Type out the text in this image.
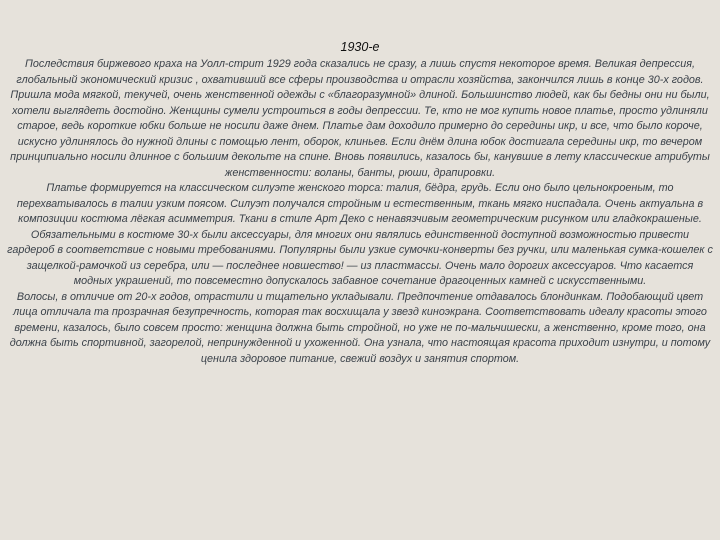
1930-е

Последствия биржевого краха на Уолл-стрит 1929 года сказались не сразу, а лишь спустя некоторое время. Великая депрессия, глобальный экономический кризис , охвативший все сферы производства и отрасли хозяйства, закончился лишь в конце 30-х годов.

Пришла мода мягкой, текучей, очень женственной одежды с «благоразумной» длиной. Большинство людей, как бы бедны они ни были, хотели выглядеть достойно. Женщины сумели устроиться в годы депрессии. Те, кто не мог купить новое платье, просто удлиняли старое, ведь короткие юбки больше не носили даже днем. Платье дам доходило примерно до середины икр, и все, что было короче, искусно удлинялось до нужной длины с помощью лент, оборок, клиньев. Если днём длина юбок достигала середины икр, то вечером принципиально носили длинное с большим декольте на спине. Вновь появились, казалось бы, канувшие в лету классические атрибуты женственности: воланы, банты, рюши, драпировки.

Платье формируется на классическом силуэте женского торса: талия, бёдра, грудь. Если оно было цельнокроеным, то перехватывалось в талии узким поясом. Силуэт получался стройным и естественным, ткань мягко ниспадала. Очень актуальна в композиции костюма лёгкая асимметрия. Ткани в стиле Арт Деко с ненавязчивым геометрическим рисунком или гладкокрашеные. Обязательными в костюме 30-х были аксессуары, для многих они являлись единственной доступной возможностью привести гардероб в соответствие с новыми требованиями. Популярны были узкие сумочки-конверты без ручки, или маленькая сумка-кошелек с защелкой-рамочкой из серебра, или — последнее новшество! — из пластмассы. Очень мало дорогих аксессуаров. Что касается модных украшений, то повсеместно допускалось забавное сочетание драгоценных камней с искусственными.

Волосы, в отличие от 20-х годов, отрастили и тщательно укладывали. Предпочтение отдавалось блондинкам. Подобающий цвет лица отличала та прозрачная безупречность, которая так восхищала у звезд киноэкрана. Соответствовать идеалу красоты этого времени, казалось, было совсем просто: женщина должна быть стройной, но уже не по-мальчишески, а женственно, кроме того, она должна быть спортивной, загорелой, непринужденной и ухоженной. Она узнала, что настоящая красота приходит изнутри, и потому ценила здоровое питание, свежий воздух и занятия спортом.
